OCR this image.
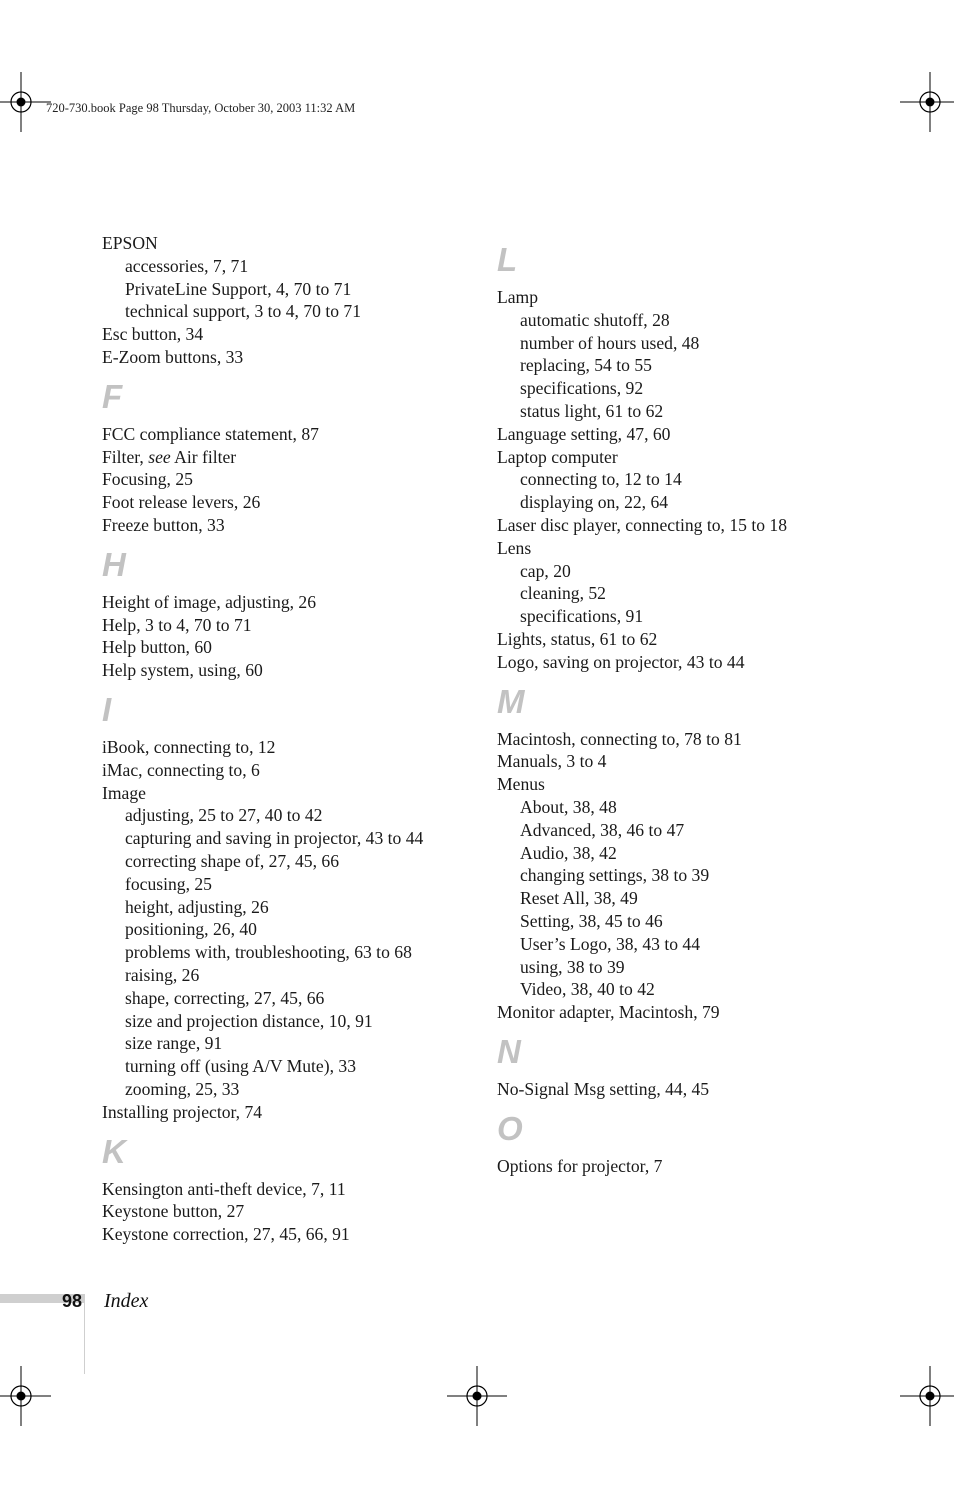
720-730.book Page 98 Thursday, October 30, 2003 11:32 AM
EPSON
accessories, 7, 71
PrivateLine Support, 4, 70 to 71
technical support, 3 to 4, 70 to 71
Esc button, 34
E-Zoom buttons, 33
F
FCC compliance statement, 87
Filter, see Air filter
Focusing, 25
Foot release levers, 26
Freeze button, 33
H
Height of image, adjusting, 26
Help, 3 to 4, 70 to 71
Help button, 60
Help system, using, 60
I
iBook, connecting to, 12
iMac, connecting to, 6
Image
adjusting, 25 to 27, 40 to 42
capturing and saving in projector, 43 to 44
correcting shape of, 27, 45, 66
focusing, 25
height, adjusting, 26
positioning, 26, 40
problems with, troubleshooting, 63 to 68
raising, 26
shape, correcting, 27, 45, 66
size and projection distance, 10, 91
size range, 91
turning off (using A/V Mute), 33
zooming, 25, 33
Installing projector, 74
K
Kensington anti-theft device, 7, 11
Keystone button, 27
Keystone correction, 27, 45, 66, 91
L
Lamp
automatic shutoff, 28
number of hours used, 48
replacing, 54 to 55
specifications, 92
status light, 61 to 62
Language setting, 47, 60
Laptop computer
connecting to, 12 to 14
displaying on, 22, 64
Laser disc player, connecting to, 15 to 18
Lens
cap, 20
cleaning, 52
specifications, 91
Lights, status, 61 to 62
Logo, saving on projector, 43 to 44
M
Macintosh, connecting to, 78 to 81
Manuals, 3 to 4
Menus
About, 38, 48
Advanced, 38, 46 to 47
Audio, 38, 42
changing settings, 38 to 39
Reset All, 38, 49
Setting, 38, 45 to 46
User’s Logo, 38, 43 to 44
using, 38 to 39
Video, 38, 40 to 42
Monitor adapter, Macintosh, 79
N
No-Signal Msg setting, 44, 45
O
Options for projector, 7
98 Index
